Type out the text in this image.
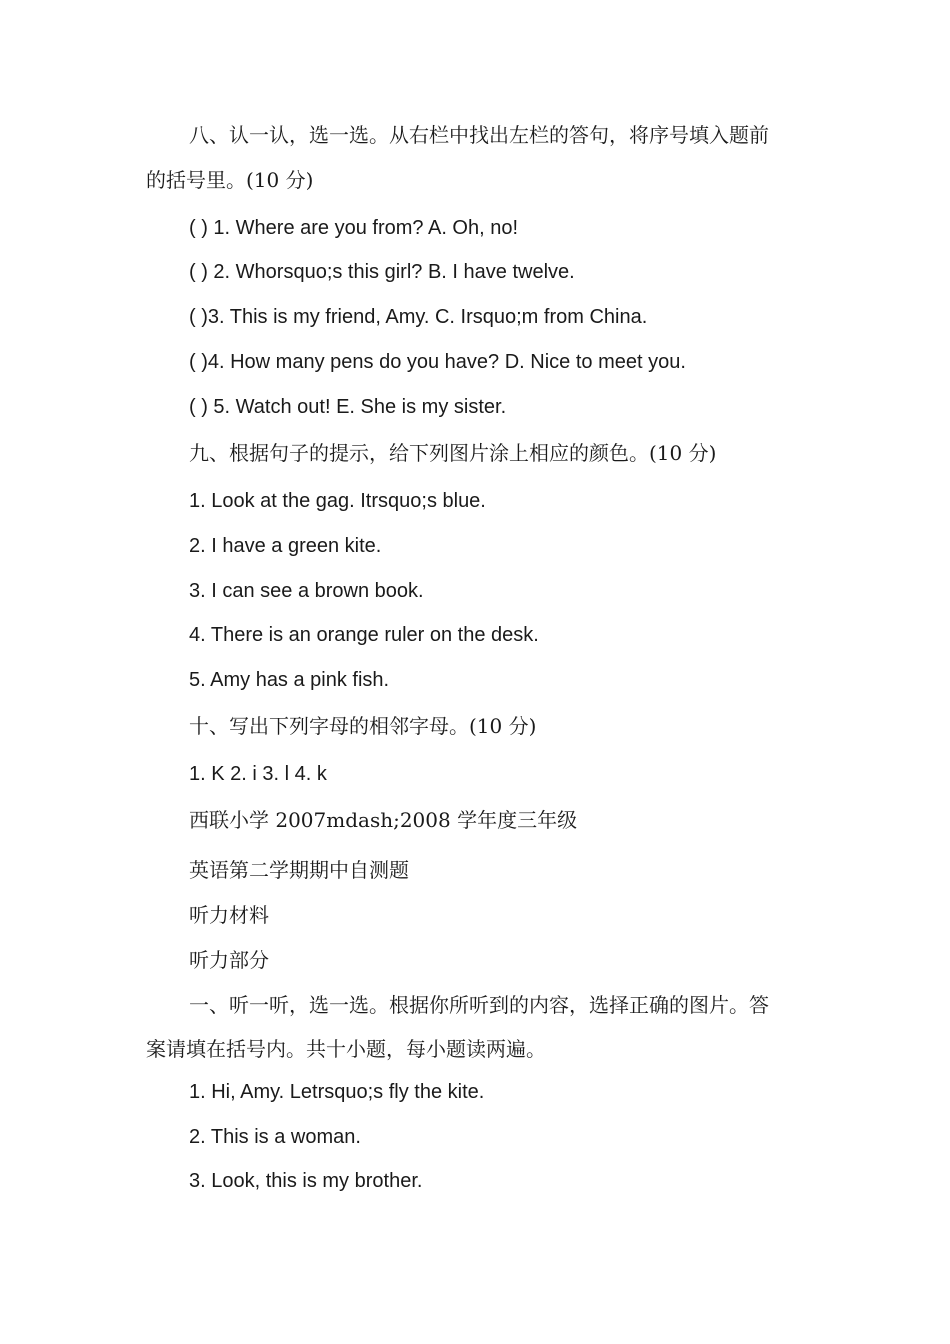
八、认一认，选一选。从右栏中找出左栏的答句，将序号填入题前
的括号里。(10 分)
( ) 1. Where are you from? A. Oh, no!
( ) 2. Whorsquo;s this girl? B. I have twelve.
( )3. This is my friend, Amy. C. Irsquo;m from China.
( )4. How many pens do you have? D. Nice to meet you.
( ) 5. Watch out! E. She is my sister.
九、根据句子的提示，给下列图片涂上相应的颜色。(10 分)
1. Look at the gag. Itrsquo;s blue.
2. I have a green kite.
3. I can see a brown book.
4. There is an orange ruler on the desk.
5. Amy has a pink fish.
十、写出下列字母的相邻字母。(10 分)
1. K 2. i 3. l 4. k
西联小学 2007mdash;2008 学年度三年级
英语第二学期期中自测题
听力材料
听力部分
一、听一听，选一选。根据你所听到的内容，选择正确的图片。答
案请填在括号内。共十小题，每小题读两遍。
1. Hi, Amy. Letrsquo;s fly the kite.
2. This is a woman.
3. Look, this is my brother.
